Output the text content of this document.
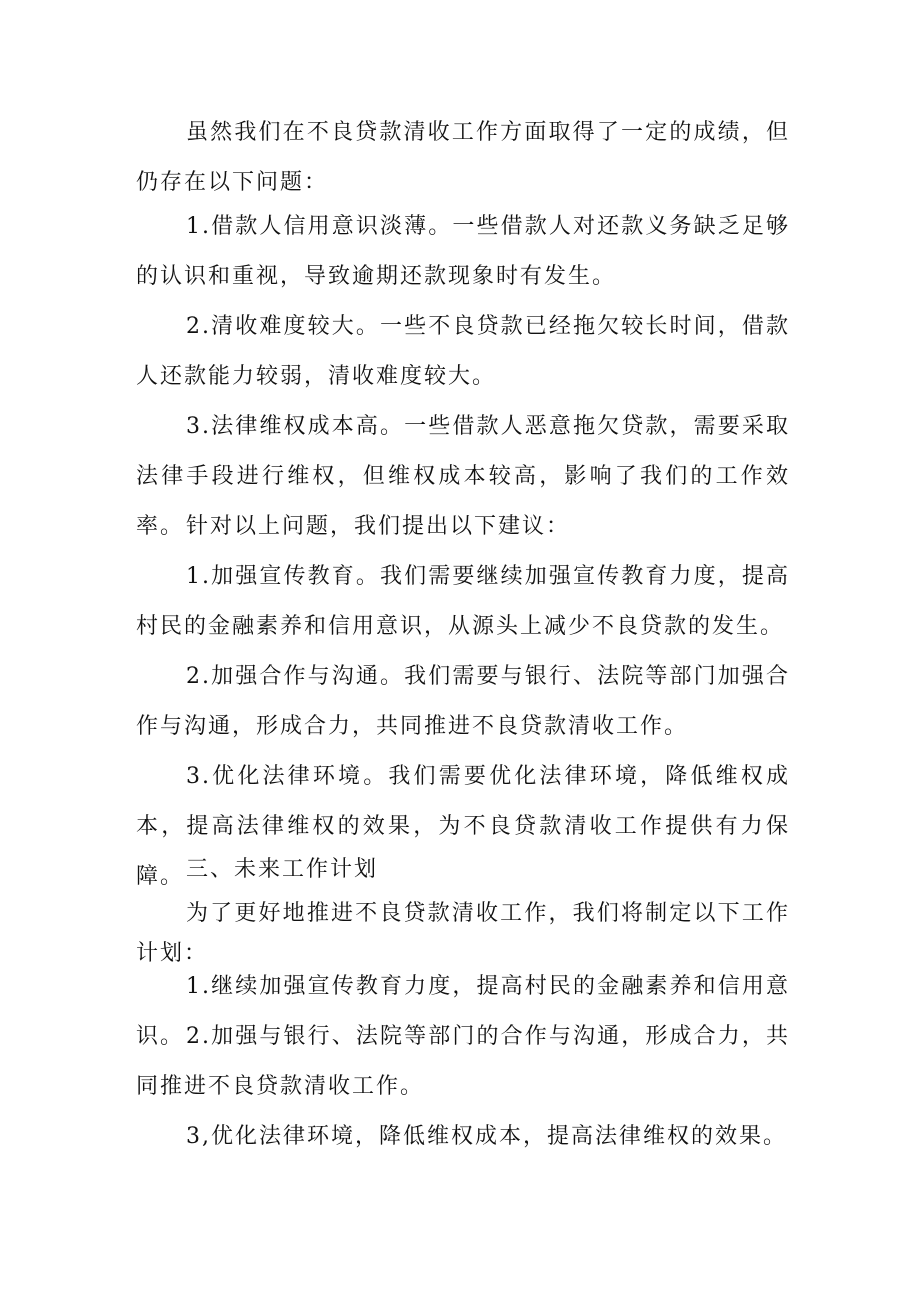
虽然我们在不良贷款清收工作方面取得了一定的成绩，但仍存在以下问题：

1.借款人信用意识淡薄。一些借款人对还款义务缺乏足够的认识和重视，导致逾期还款现象时有发生。

2.清收难度较大。一些不良贷款已经拖欠较长时间，借款人还款能力较弱，清收难度较大。

3.法律维权成本高。一些借款人恶意拖欠贷款，需要采取法律手段进行维权，但维权成本较高，影响了我们的工作效率。 针对以上问题，我们提出以下建议：

1.加强宣传教育。我们需要继续加强宣传教育力度，提高村民的金融素养和信用意识，从源头上减少不良贷款的发生。

2.加强合作与沟通。我们需要与银行、法院等部门加强合作与沟通，形成合力，共同推进不良贷款清收工作。

3.优化法律环境。我们需要优化法律环境，降低维权成本，提高法律维权的效果，为不良贷款清收工作提供有力保障。 三、未来工作计划

为了更好地推进不良贷款清收工作，我们将制定以下工作计划：

1.继续加强宣传教育力度，提高村民的金融素养和信用意识。 2.加强与银行、法院等部门的合作与沟通，形成合力，共同推进不良贷款清收工作。

3,优化法律环境，降低维权成本，提高法律维权的效果。
